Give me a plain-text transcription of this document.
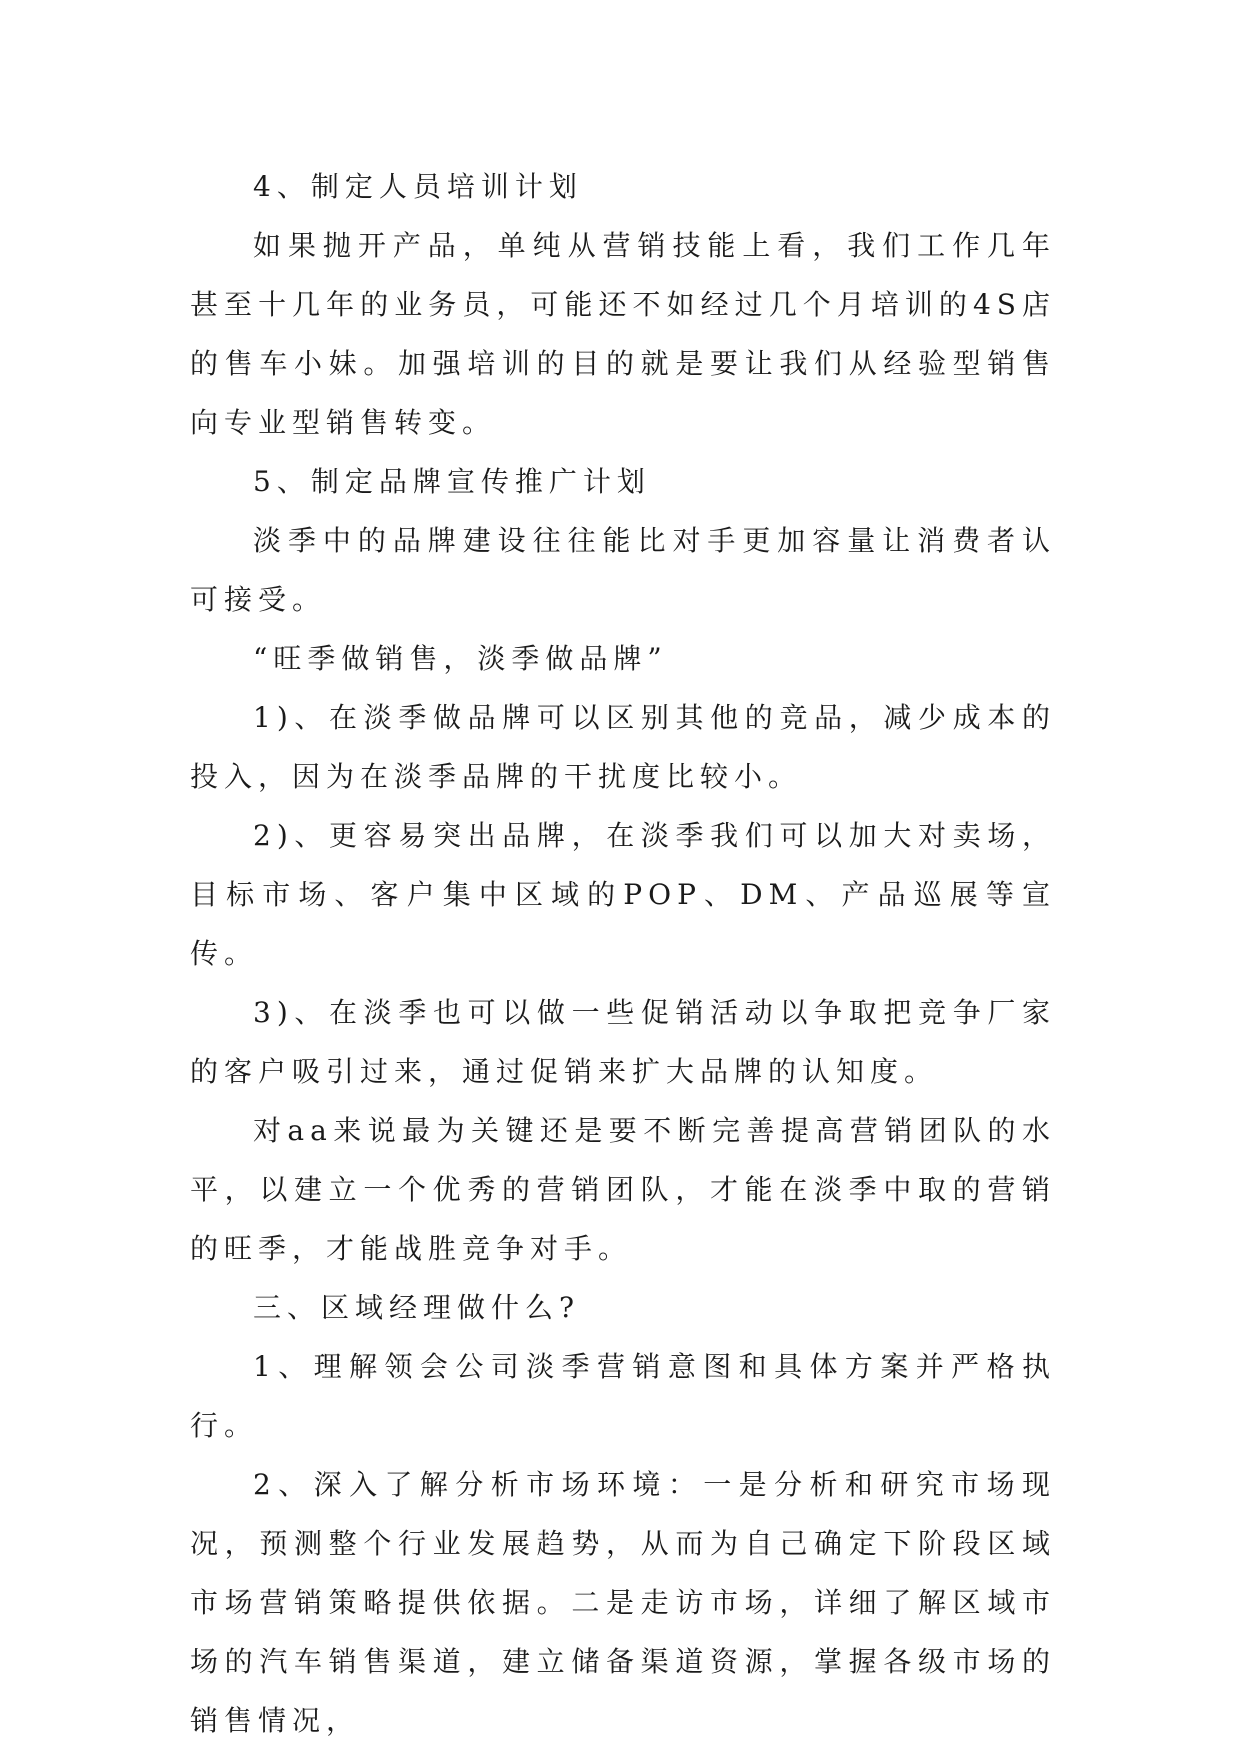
4、制定人员培训计划

如果抛开产品，单纯从营销技能上看，我们工作几年甚至十几年的业务员，可能还不如经过几个月培训的4S店的售车小妹。加强培训的目的就是要让我们从经验型销售向专业型销售转变。

5、制定品牌宣传推广计划

淡季中的品牌建设往往能比对手更加容量让消费者认可接受。

“旺季做销售，淡季做品牌”

1)、在淡季做品牌可以区别其他的竞品，减少成本的投入，因为在淡季品牌的干扰度比较小。

2)、更容易突出品牌，在淡季我们可以加大对卖场，目标市场、客户集中区域的POP、DM、产品巡展等宣传。

3)、在淡季也可以做一些促销活动以争取把竞争厂家的客户吸引过来，通过促销来扩大品牌的认知度。

对aa来说最为关键还是要不断完善提高营销团队的水平，以建立一个优秀的营销团队，才能在淡季中取的营销的旺季，才能战胜竞争对手。

三、区域经理做什么?

1、理解领会公司淡季营销意图和具体方案并严格执行。

2、深入了解分析市场环境：一是分析和研究市场现况，预测整个行业发展趋势，从而为自己确定下阶段区域市场营销策略提供依据。二是走访市场，详细了解区域市场的汽车销售渠道，建立储备渠道资源，掌握各级市场的销售情况，
